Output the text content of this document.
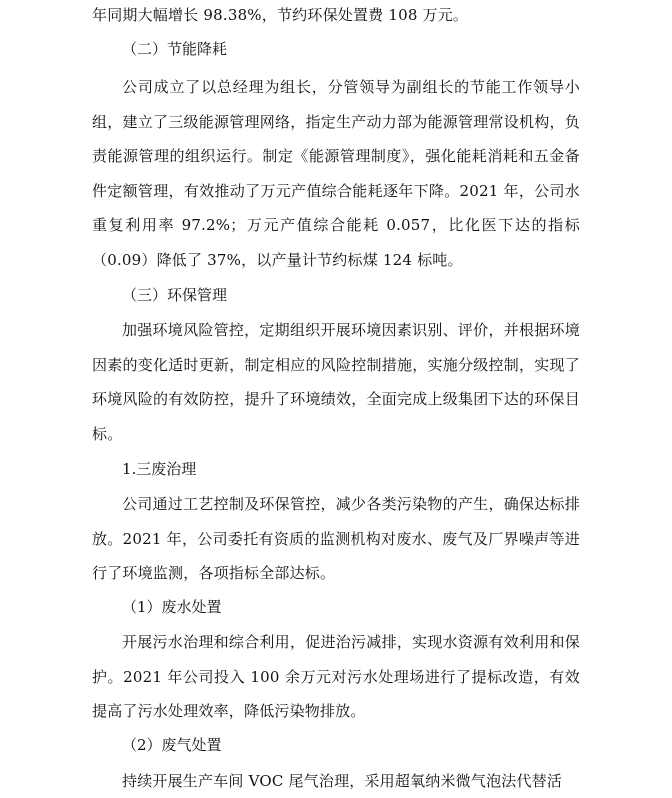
年同期大幅增长 98.38%，节约环保处置费 108 万元。

（二）节能降耗

公司成立了以总经理为组长，分管领导为副组长的节能工作领导小组，建立了三级能源管理网络，指定生产动力部为能源管理常设机构，负责能源管理的组织运行。制定《能源管理制度》，强化能耗消耗和五金备件定额管理，有效推动了万元产值综合能耗逐年下降。2021 年，公司水重复利用率 97.2%；万元产值综合能耗 0.057，比化医下达的指标（0.09）降低了 37%，以产量计节约标煤 124 标吨。

（三）环保管理

加强环境风险管控，定期组织开展环境因素识别、评价，并根据环境因素的变化适时更新，制定相应的风险控制措施，实施分级控制，实现了环境风险的有效防控，提升了环境绩效，全面完成上级集团下达的环保目标。

1.三废治理

公司通过工艺控制及环保管控，减少各类污染物的产生，确保达标排放。2021 年，公司委托有资质的监测机构对废水、废气及厂界噪声等进行了环境监测，各项指标全部达标。

（1）废水处置

开展污水治理和综合利用，促进治污减排，实现水资源有效利用和保护。2021 年公司投入 100 余万元对污水处理场进行了提标改造，有效提高了污水处理效率，降低污染物排放。

（2）废气处置

持续开展生产车间 VOC 尾气治理，采用超氧纳米微气泡法代替活
